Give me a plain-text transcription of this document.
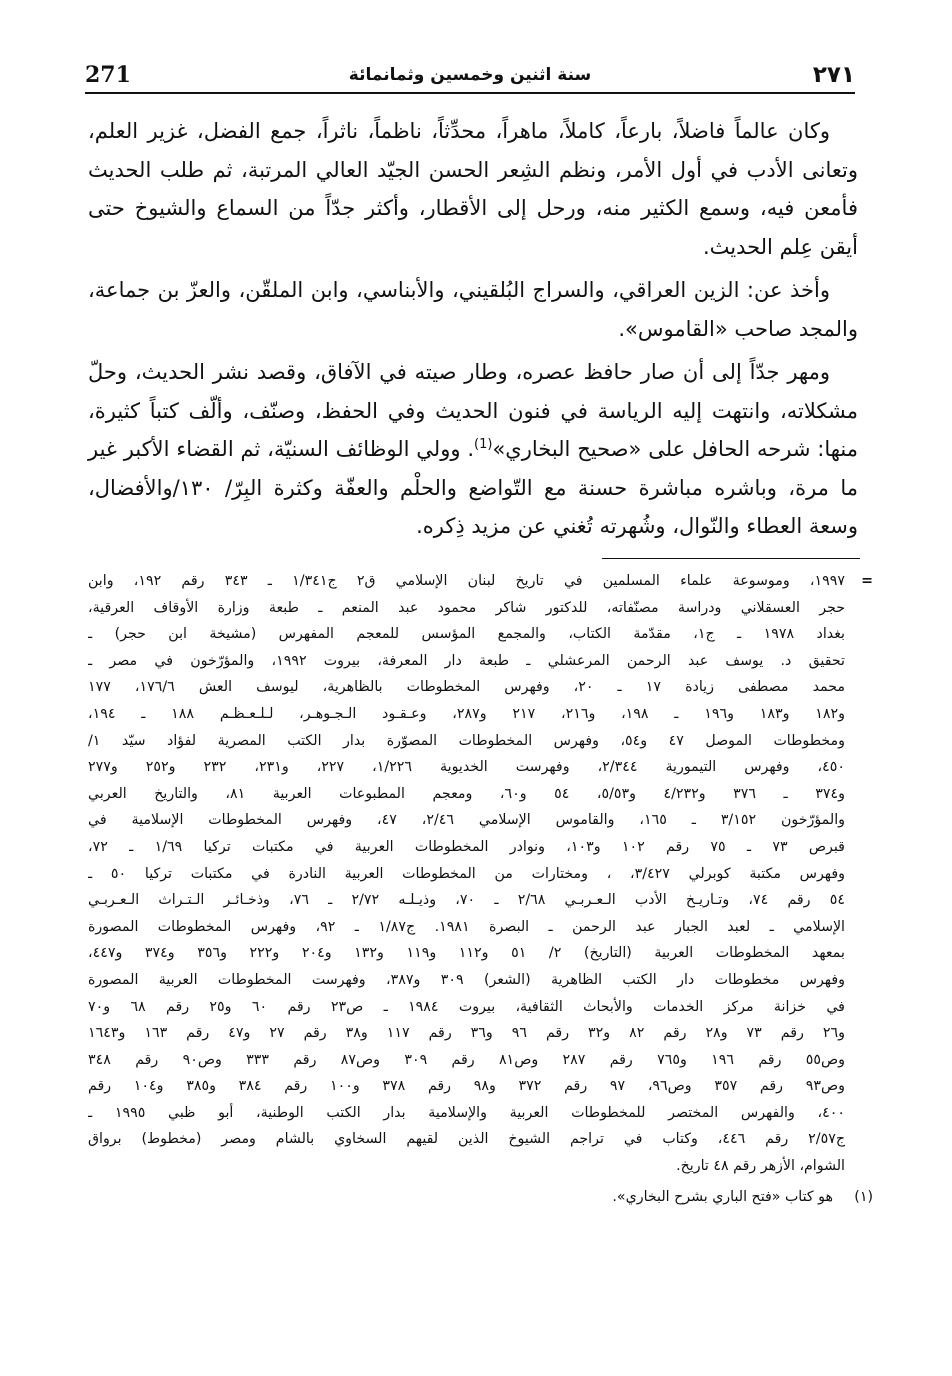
271	سنة اثنين وخمسين وثمانمائة	٢٧١

وكان عالماً فاضلاً، بارعاً، كاملاً، ماهراً، محدِّثاً، ناظماً، ناثراً، جمع الفضل، غزير العلم، وتعانى الأدب في أول الأمر، ونظم الشِعر الحسن الجيّد العالي المرتبة، ثم طلب الحديث فأمعن فيه، وسمع الكثير منه، ورحل إلى الأقطار، وأكثر جدّاً من السماع والشيوخ حتى أيقن عِلم الحديث.

وأخذ عن: الزين العراقي، والسراج البُلقيني، والأبناسي، وابن الملقّن، والعزّ بن جماعة، والمجد صاحب «القاموس».

ومهر جدّاً إلى أن صار حافظ عصره، وطار صيته في الآفاق، وقصد نشر الحديث، وحلّ مشكلاته، وانتهت إليه الرياسة في فنون الحديث وفي الحفظ، وصنّف، وألّف كتباً كثيرة، منها: شرحه الحافل على «صحيح البخاري»$^{(1)}$. وولي الوظائف السنيّة، ثم القضاء الأكبر غير ما مرة، وباشره مباشرة حسنة مع التّواضع والحلْم والعفّة وكثرة البِرّ/ ١٣٠/والأفضال، وسعة العطاء والنّوال، وشُهرته تُغني عن مزيد ذِكره.

=
١٩٩٧، وموسوعة علماء المسلمين في تاريخ لبنان الإسلامي ق٢ ج١/٣٤١ ـ ٣٤٣ رقم ١٩٢، وابن
حجر العسقلاني ودراسة مصنّفاته، للدكتور شاكر محمود عبد المنعم ـ طبعة وزارة الأوقاف العرقية،
بغداد ١٩٧٨ ـ ج١، مقدّمة الكتاب، والمجمع المؤسس للمعجم المفهرس (مشيخة ابن حجر) ـ
تحقيق د. يوسف عبد الرحمن المرعشلي ـ طبعة دار المعرفة، بيروت ١٩٩٢، والمؤرّخون في مصر ـ
محمد مصطفى زيادة ١٧ ـ ٢٠، وفهرس المخطوطات بالظاهرية، ليوسف العش ١٧٦/٦، ١٧٧
و١٨٢ و١٨٣ و١٩٦ ـ ١٩٨، و٢١٦، ٢١٧ و٢٨٧، وعـقـود الـجـوهـر، لـلـعـظـم ١٨٨ ـ ١٩٤،
ومخطوطات الموصل ٤٧ و٥٤، وفهرس المخطوطات المصوّرة بدار الكتب المصرية لفؤاد سيّد ١/
٤٥٠، وفهرس التيمورية ٢/٣٤٤، وفهرست الخديوية ١/٢٢٦، ٢٢٧، و٢٣١، ٢٣٢ و٢٥٢ و٢٧٧
و٣٧٤ ـ ٣٧٦ و٤/٢٣٢ و٥/٥٣، ٥٤ و٦٠، ومعجم المطبوعات العربية ٨١، والتاريخ العربي
والمؤرّخون ٣/١٥٢ ـ ١٦٥، والقاموس الإسلامي ٢/٤٦، ٤٧، وفهرس المخطوطات الإسلامية في
قبرص ٧٣ ـ ٧٥ رقم ١٠٢ و١٠٣، ونوادر المخطوطات العربية في مكتبات تركيا ١/٦٩ ـ ٧٢،
وفهرس مكتبة كوبرلي ٣/٤٢٧، ، ومختارات من المخطوطات العربية النادرة في مكتبات تركيا ٥٠ ـ
٥٤ رقم ٧٤، وتـاريـخ الأدب الـعـربـي ٢/٦٨ ـ ٧٠، وذيـلـه ٢/٧٢ ـ ٧٦، وذخـائـر الـتـراث الـعـربـي
الإسلامي ـ لعبد الجبار عبد الرحمن ـ البصرة ١٩٨١. ج١/٨٧ ـ ٩٢، وفهرس المخطوطات المصورة
بمعهد المخطوطات العربية (التاريخ) ٢/ ٥١ و١١٢ و١١٩ و١٣٢ و٢٠٤ و٢٢٢ و٣٥٦ و٣٧٤ و٤٤٧،
وفهرس مخطوطات دار الكتب الظاهرية (الشعر) ٣٠٩ و٣٨٧، وفهرست المخطوطات العربية المصورة
في خزانة مركز الخدمات والأبحاث الثقافية، بيروت ١٩٨٤ ـ ص٢٣ رقم ٦٠ و٢٥ رقم ٦٨ و٧٠
و٢٦ رقم ٧٣ و٢٨ رقم ٨٢ و٣٢ رقم ٩٦ و٣٦ رقم ١١٧ و٣٨ رقم ٢٧ و٤٧ رقم ١٦٣ و١٦٤٣
وص٥٥ رقم ١٩٦ و٧٦٥ رقم ٢٨٧ وص٨١ رقم ٣٠٩ وص٨٧ رقم ٣٣٣ وص٩٠ رقم ٣٤٨
وص٩٣ رقم ٣٥٧ وص٩٦، ٩٧ رقم ٣٧٢ و٩٨ رقم ٣٧٨ و١٠٠ رقم ٣٨٤ و٣٨٥ و١٠٤ رقم
٤٠٠، والفهرس المختصر للمخطوطات العربية والإسلامية بدار الكتب الوطنية، أبو ظبي ١٩٩٥ ـ
ج٢/٥٧ رقم ٤٤٦، وكتاب في تراجم الشيوخ الذين لقيهم السخاوي بالشام ومصر (مخطوط) برواق
الشوام، الأزهر رقم ٤٨ تاريخ.
(١)
هو كتاب «فتح الباري بشرح البخاري».
